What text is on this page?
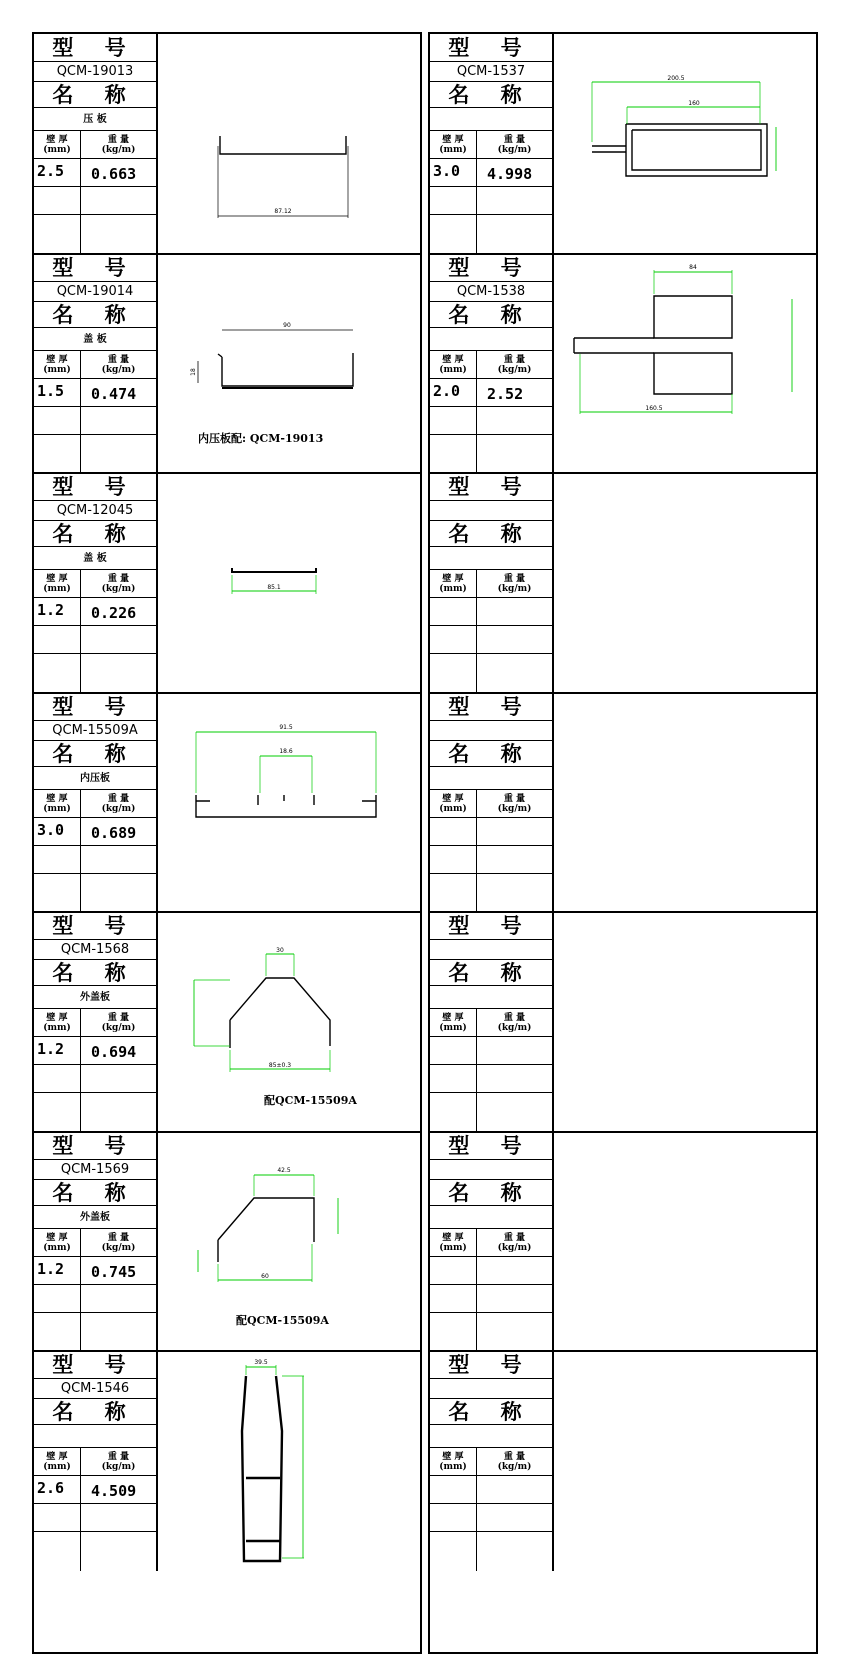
型 号
QCM-19013
名 称
压 板
壁 厚
(mm)
重 量
(kg/m)
2.5	0.663
87.12
型 号
QCM-19014
名 称
盖 板
壁 厚
(mm)
重 量
(kg/m)
1.5	0.474
90
18
内压板配: QCM-19013
型 号
QCM-12045
名 称
盖 板
壁 厚
(mm)
重 量
(kg/m)
1.2	0.226
85.1
型 号
QCM-15509A
名 称
内压板
壁 厚
(mm)
重 量
(kg/m)
3.0	0.689
91.5
18.6
型 号
QCM-1568
名 称
外盖板
壁 厚
(mm)
重 量
(kg/m)
1.2	0.694
30
85±0.3
配QCM-15509A
型 号
QCM-1569
名 称
外盖板
壁 厚
(mm)
重 量
(kg/m)
1.2	0.745
42.5
60
配QCM-15509A
型 号
QCM-1546
名 称
壁 厚
(mm)
重 量
(kg/m)
2.6	4.509
39.5
型 号
QCM-1537
名 称
壁 厚
(mm)
重 量
(kg/m)
3.0	4.998
200.5
160
型 号
QCM-1538
名 称
壁 厚
(mm)
重 量
(kg/m)
2.0	2.52
84
160.5
型 号
名 称
壁 厚
(mm)
重 量
(kg/m)
型 号
名 称
壁 厚
(mm)
重 量
(kg/m)
型 号
名 称
壁 厚
(mm)
重 量
(kg/m)
型 号
名 称
壁 厚
(mm)
重 量
(kg/m)
型 号
名 称
壁 厚
(mm)
重 量
(kg/m)
